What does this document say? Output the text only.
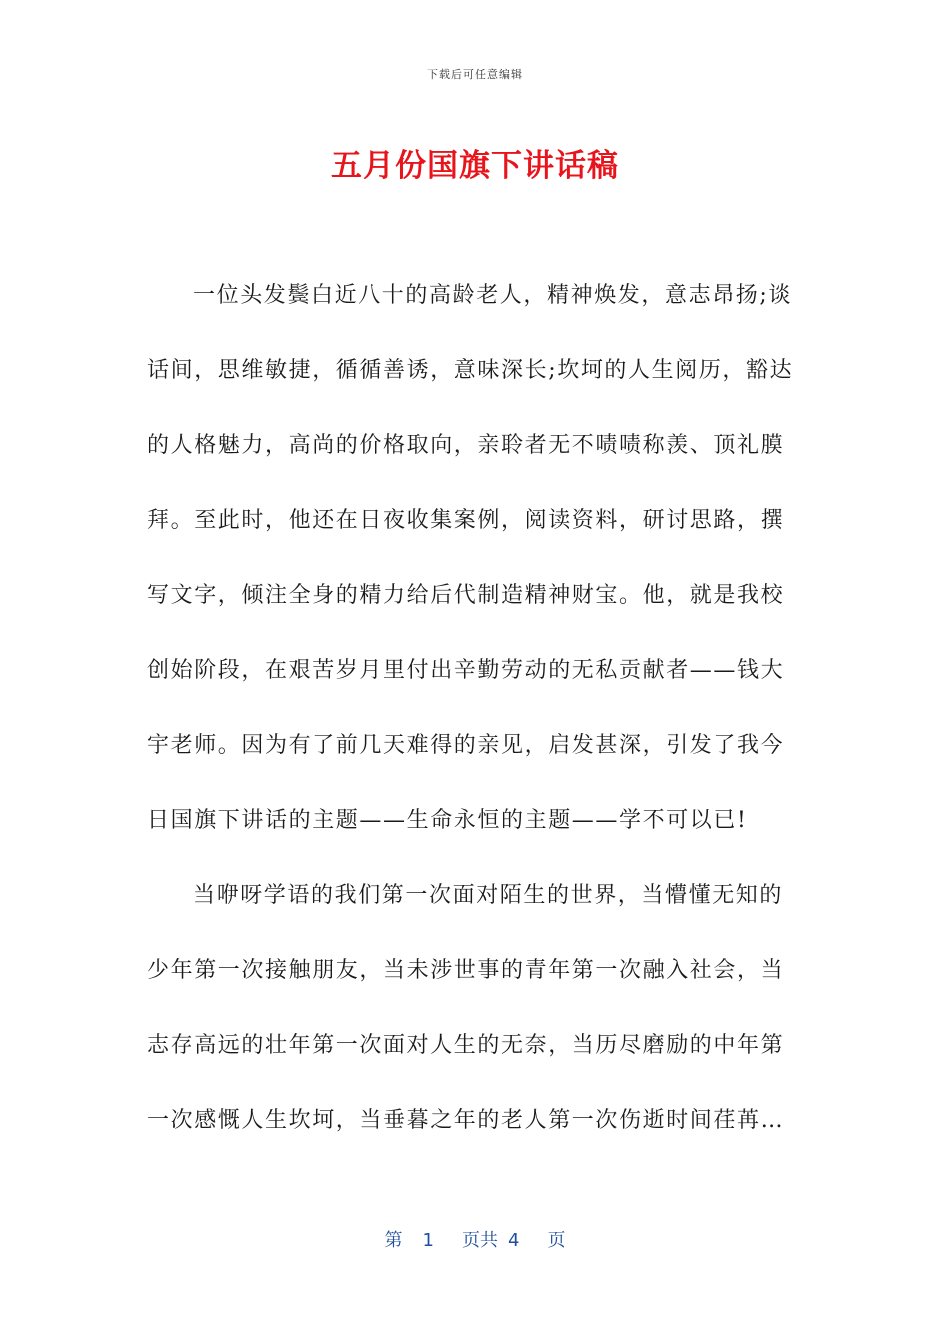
下载后可任意编辑
五月份国旗下讲话稿
一位头发鬓白近八十的高龄老人，精神焕发，意志昂扬;谈
话间，思维敏捷，循循善诱，意味深长;坎坷的人生阅历，豁达
的人格魅力，高尚的价格取向，亲聆者无不啧啧称羡、顶礼膜
拜。至此时，他还在日夜收集案例，阅读资料，研讨思路，撰
写文字，倾注全身的精力给后代制造精神财宝。他，就是我校
创始阶段，在艰苦岁月里付出辛勤劳动的无私贡献者——钱大
宇老师。因为有了前几天难得的亲见，启发甚深，引发了我今
日国旗下讲话的主题——生命永恒的主题——学不可以已!
当咿呀学语的我们第一次面对陌生的世界，当懵懂无知的
少年第一次接触朋友，当未涉世事的青年第一次融入社会，当
志存高远的壮年第一次面对人生的无奈，当历尽磨励的中年第
一次感慨人生坎坷，当垂暮之年的老人第一次伤逝时间荏苒…
第 1 页共 4 页
